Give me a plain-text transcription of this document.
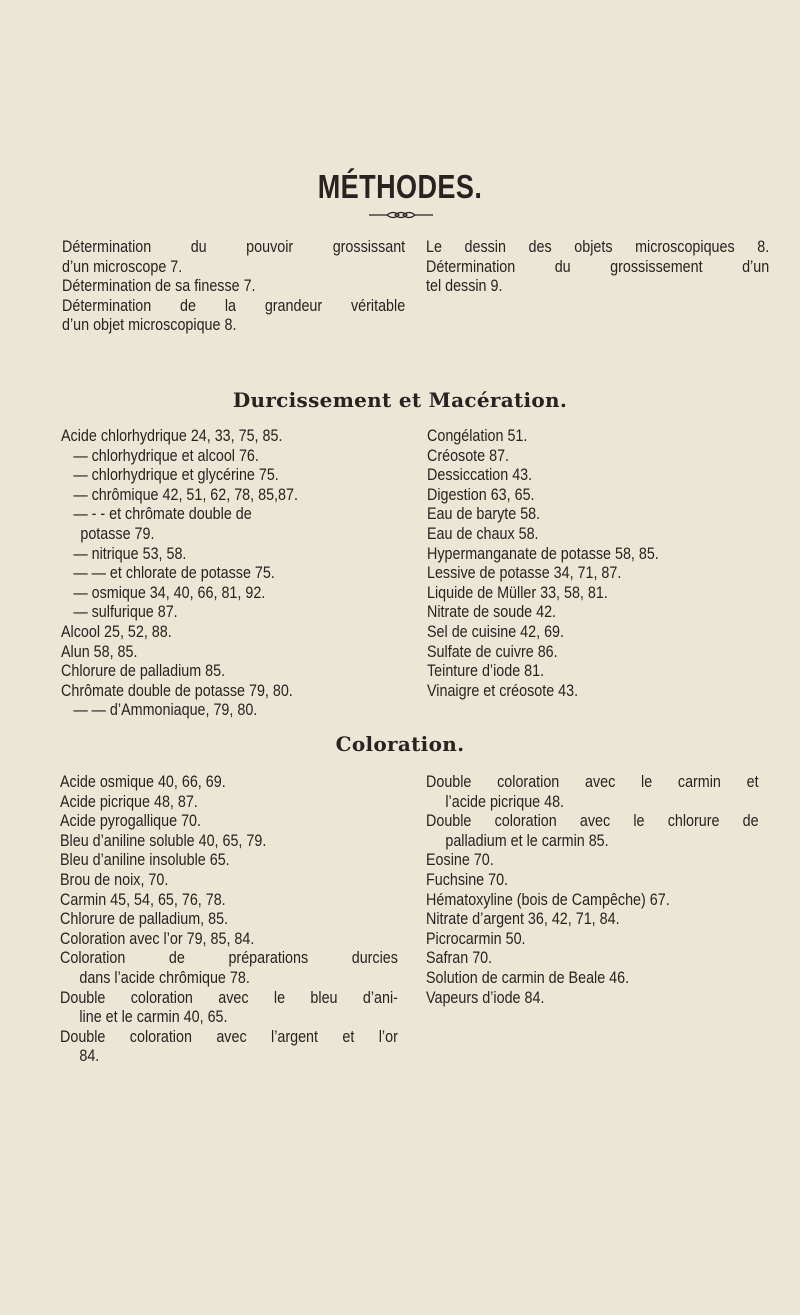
MÉTHODES.
Détermination du pouvoir grossissant
d’un microscope 7.
Détermination de sa finesse 7.
Détermination de la grandeur véritable
d’un objet microscopique 8.
Le dessin des objets microscopiques 8.
Détermination du grossissement d’un
tel dessin 9.
Durcissement et Macération.
Acide chlorhydrique 24, 33, 75, 85.
— chlorhydrique et alcool 76.
— chlorhydrique et glycérine 75.
— chrômique 42, 51, 62, 78, 85,87.
— - - et chrômate double de
potasse 79.
— nitrique 53, 58.
— — et chlorate de potasse 75.
— osmique 34, 40, 66, 81, 92.
— sulfurique 87.
Alcool 25, 52, 88.
Alun 58, 85.
Chlorure de palladium 85.
Chrômate double de potasse 79, 80.
— — d’Ammoniaque, 79, 80.
Congélation 51.
Créosote 87.
Dessiccation 43.
Digestion 63, 65.
Eau de baryte 58.
Eau de chaux 58.
Hypermanganate de potasse 58, 85.
Lessive de potasse 34, 71, 87.
Liquide de Müller 33, 58, 81.
Nitrate de soude 42.
Sel de cuisine 42, 69.
Sulfate de cuivre 86.
Teinture d’iode 81.
Vinaigre et créosote 43.
Coloration.
Acide osmique 40, 66, 69.
Acide picrique 48, 87.
Acide pyrogallique 70.
Bleu d’aniline soluble 40, 65, 79.
Bleu d’aniline insoluble 65.
Brou de noix, 70.
Carmin 45, 54, 65, 76, 78.
Chlorure de palladium, 85.
Coloration avec l’or 79, 85, 84.
Coloration	de	préparations	durcies
dans l’acide chrômique 78.
Double coloration avec le bleu d’ani-
line et le carmin 40, 65.
Double coloration avec l’argent et l’or
84.
Double coloration avec le carmin et
l’acide picrique 48.
Double coloration avec le chlorure de
palladium et le carmin 85.
Eosine 70.
Fuchsine 70.
Hématoxyline (bois de Campêche) 67.
Nitrate d’argent 36, 42, 71, 84.
Picrocarmin 50.
Safran 70.
Solution de carmin de Beale 46.
Vapeurs d’iode 84.
